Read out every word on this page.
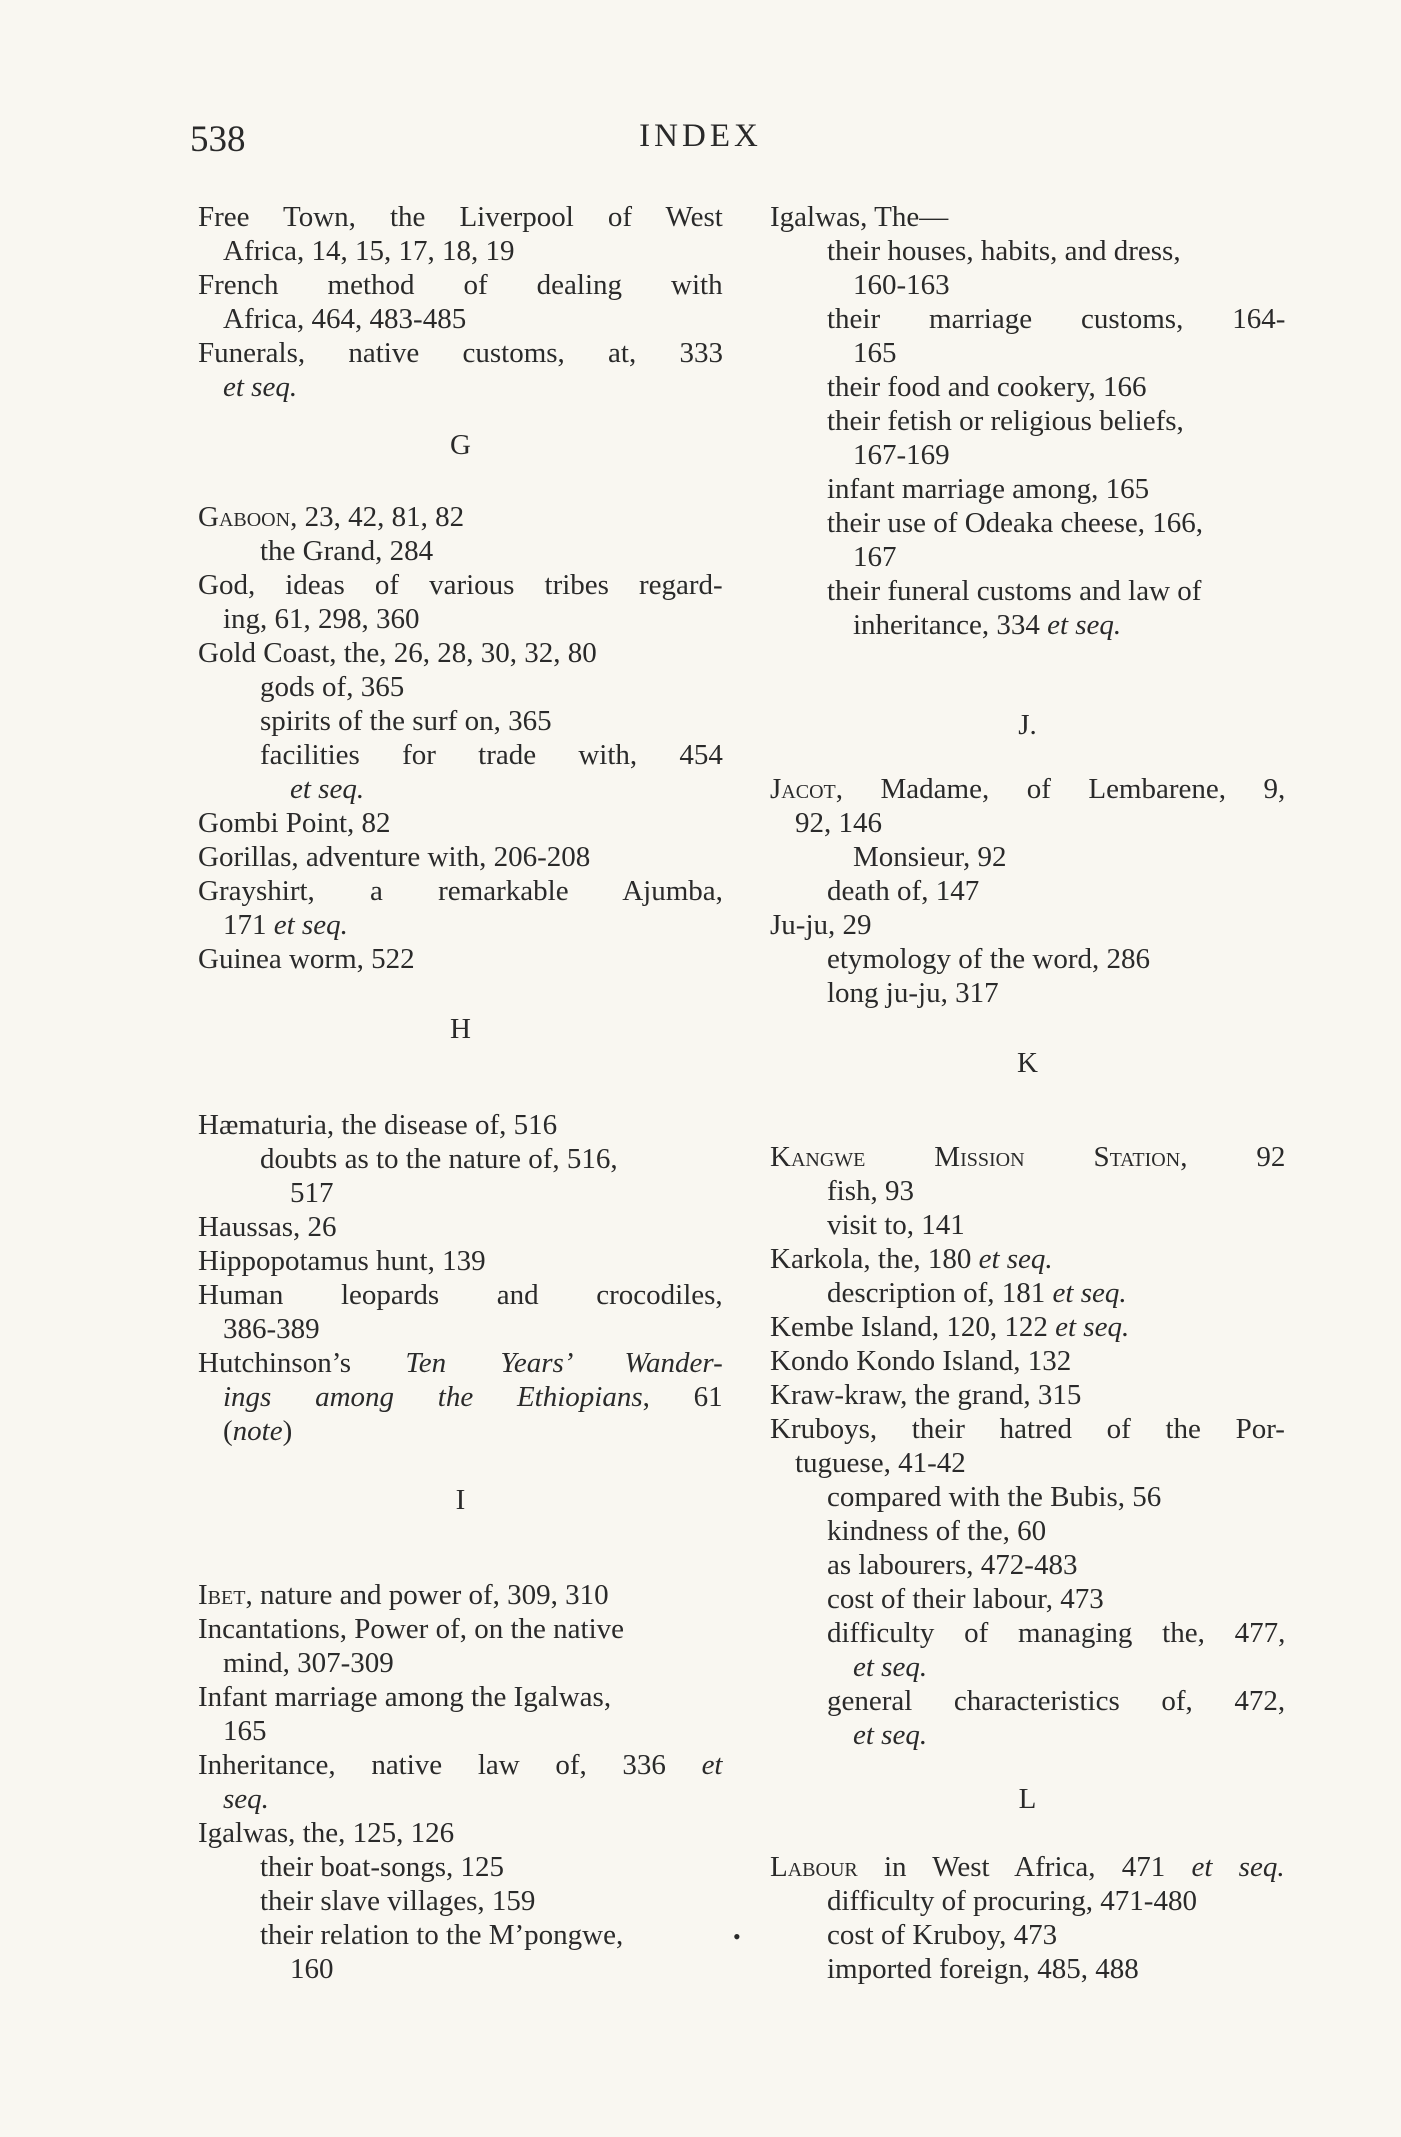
538	INDEX
Free Town, the Liverpool of West
Africa, 14, 15, 17, 18, 19
French method of dealing with
Africa, 464, 483-485
Funerals, native customs, at, 333
et seq.
G
Gaboon, 23, 42, 81, 82
the Grand, 284
God, ideas of various tribes regard-
ing, 61, 298, 360
Gold Coast, the, 26, 28, 30, 32, 80
gods of, 365
spirits of the surf on, 365
facilities for trade with, 454
et seq.
Gombi Point, 82
Gorillas, adventure with, 206-208
Grayshirt, a remarkable Ajumba,
171 et seq.
Guinea worm, 522
H
Hæmaturia, the disease of, 516
doubts as to the nature of, 516,
517
Haussas, 26
Hippopotamus hunt, 139
Human leopards and crocodiles,
386-389
Hutchinson’s Ten Years’ Wander-
ings among the Ethiopians, 61
(note)
I
Ibet, nature and power of, 309, 310
Incantations, Power of, on the native
mind, 307-309
Infant marriage among the Igalwas,
165
Inheritance, native law of, 336 et
seq.
Igalwas, the, 125, 126
their boat-songs, 125
their slave villages, 159
their relation to the M’pongwe,
160
Igalwas, The—
their houses, habits, and dress,
160-163
their marriage customs, 164-
165
their food and cookery, 166
their fetish or religious beliefs,
167-169
infant marriage among, 165
their use of Odeaka cheese, 166,
167
their funeral customs and law of
inheritance, 334 et seq.
J.
Jacot, Madame, of Lembarene, 9,
92, 146
Monsieur, 92
death of, 147
Ju-ju, 29
etymology of the word, 286
long ju-ju, 317
K
Kangwe Mission Station, 92
fish, 93
visit to, 141
Karkola, the, 180 et seq.
description of, 181 et seq.
Kembe Island, 120, 122 et seq.
Kondo Kondo Island, 132
Kraw-kraw, the grand, 315
Kruboys, their hatred of the Por-
tuguese, 41-42
compared with the Bubis, 56
kindness of the, 60
as labourers, 472-483
cost of their labour, 473
difficulty of managing the, 477,
et seq.
general characteristics of, 472,
et seq.
L
Labour in West Africa, 471 et seq.
difficulty of procuring, 471-480
cost of Kruboy, 473
imported foreign, 485, 488
•
